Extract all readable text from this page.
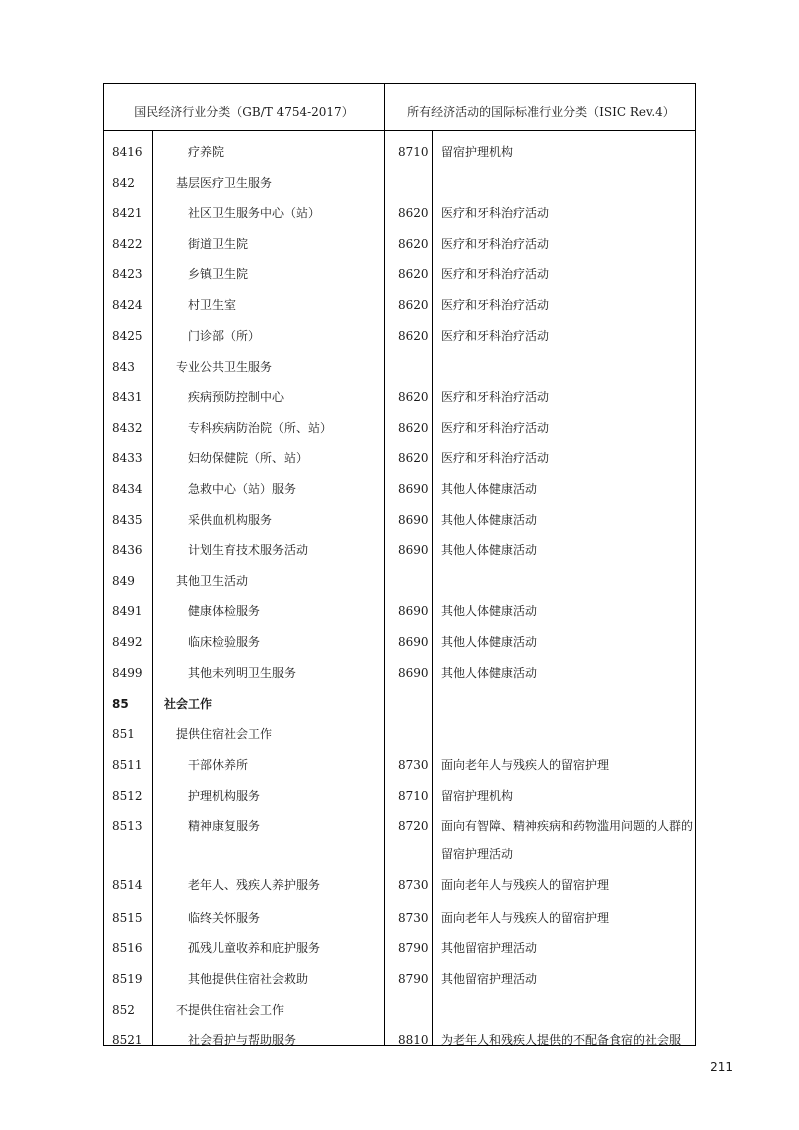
国民经济行业分类（GB/T 4754-2017）	所有经济活动的国际标准行业分类（ISIC Rev.4）
8416	疗养院	8710 留宿护理机构
842	基层医疗卫生服务
8421	社区卫生服务中心（站）	8620 医疗和牙科治疗活动
8422	街道卫生院	8620 医疗和牙科治疗活动
8423	乡镇卫生院	8620 医疗和牙科治疗活动
8424	村卫生室	8620 医疗和牙科治疗活动
8425	门诊部（所）	8620 医疗和牙科治疗活动
843	专业公共卫生服务
8431	疾病预防控制中心	8620 医疗和牙科治疗活动
8432	专科疾病防治院（所、站）	8620 医疗和牙科治疗活动
8433	妇幼保健院（所、站）	8620 医疗和牙科治疗活动
8434	急救中心（站）服务	8690 其他人体健康活动
8435	采供血机构服务	8690 其他人体健康活动
8436	计划生育技术服务活动	8690 其他人体健康活动
849	其他卫生活动
8491	健康体检服务	8690 其他人体健康活动
8492	临床检验服务	8690 其他人体健康活动
8499	其他未列明卫生服务	8690 其他人体健康活动
85	社会工作
851	提供住宿社会工作
8511	干部休养所	8730 面向老年人与残疾人的留宿护理
8512	护理机构服务	8710 留宿护理机构
8513	精神康复服务	8720 面向有智障、精神疾病和药物滥用问题的人群的
留宿护理活动
8514	老年人、残疾人养护服务	8730 面向老年人与残疾人的留宿护理
8515	临终关怀服务	8730 面向老年人与残疾人的留宿护理
8516	孤残儿童收养和庇护服务	8790 其他留宿护理活动
8519	其他提供住宿社会救助	8790 其他留宿护理活动
852	不提供住宿社会工作
8521	社会看护与帮助服务	8810 为老年人和残疾人提供的不配备食宿的社会服
211
